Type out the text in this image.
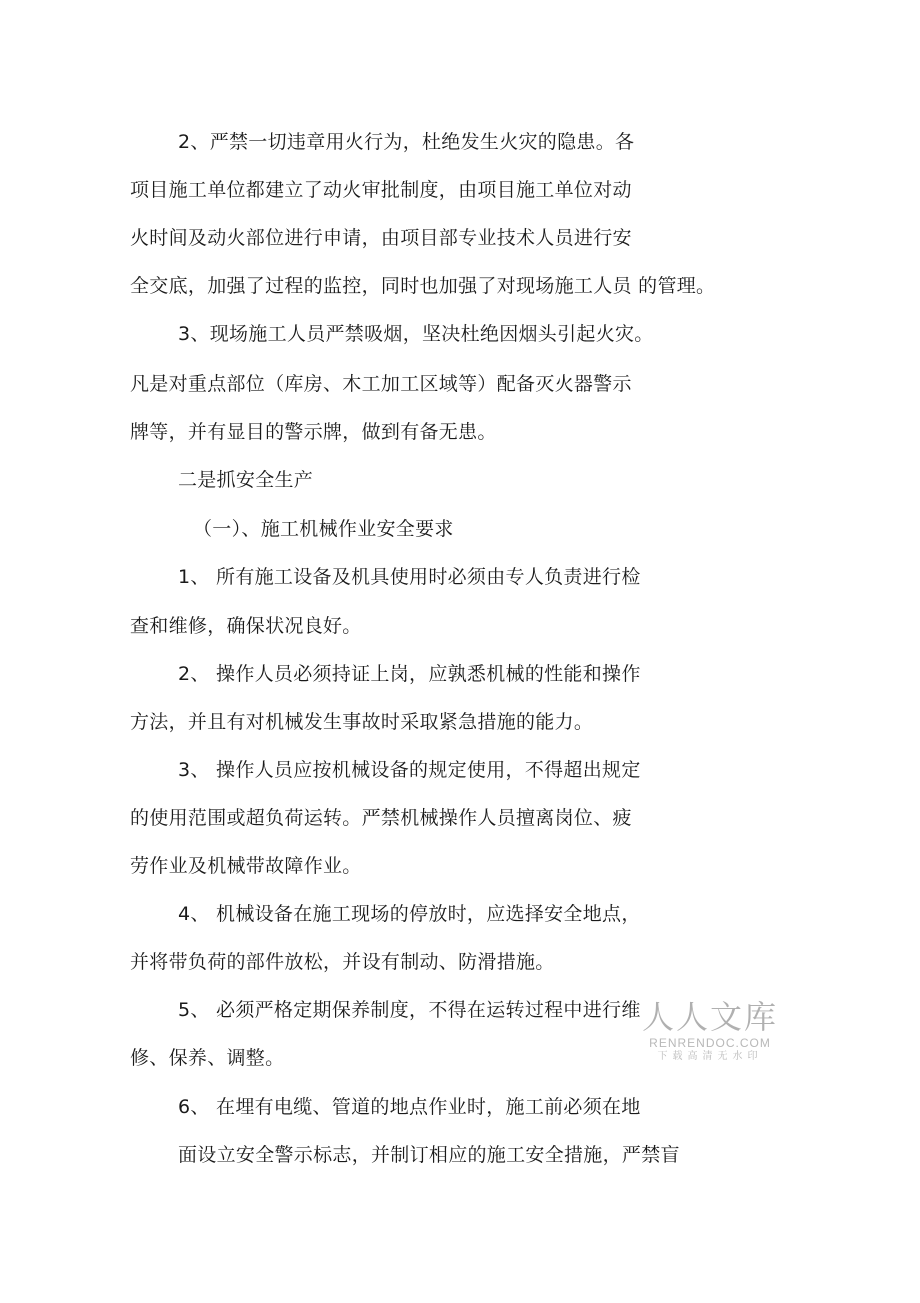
2、严禁一切违章用火行为，杜绝发生火灾的隐患。各
项目施工单位都建立了动火审批制度，由项目施工单位对动
火时间及动火部位进行申请，由项目部专业技术人员进行安
全交底，加强了过程的监控，同时也加强了对现场施工人员 的管理。
3、现场施工人员严禁吸烟，坚决杜绝因烟头引起火灾。
凡是对重点部位（库房、木工加工区域等）配备灭火器警示
牌等，并有显目的警示牌，做到有备无患。
二是抓安全生产
（一）、施工机械作业安全要求
1、 所有施工设备及机具使用时必须由专人负责进行检
查和维修，确保状况良好。
2、 操作人员必须持证上岗，应孰悉机械的性能和操作
方法，并且有对机械发生事故时采取紧急措施的能力。
3、 操作人员应按机械设备的规定使用，不得超出规定
的使用范围或超负荷运转。严禁机械操作人员擅离岗位、疲
劳作业及机械带故障作业。
4、 机械设备在施工现场的停放时，应选择安全地点，
并将带负荷的部件放松，并设有制动、防滑措施。
5、 必须严格定期保养制度，不得在运转过程中进行维
修、保养、调整。
6、 在埋有电缆、管道的地点作业时，施工前必须在地
面设立安全警示标志，并制订相应的施工安全措施，严禁盲
人人文库
RENRENDOC.COM
下载高清无水印
